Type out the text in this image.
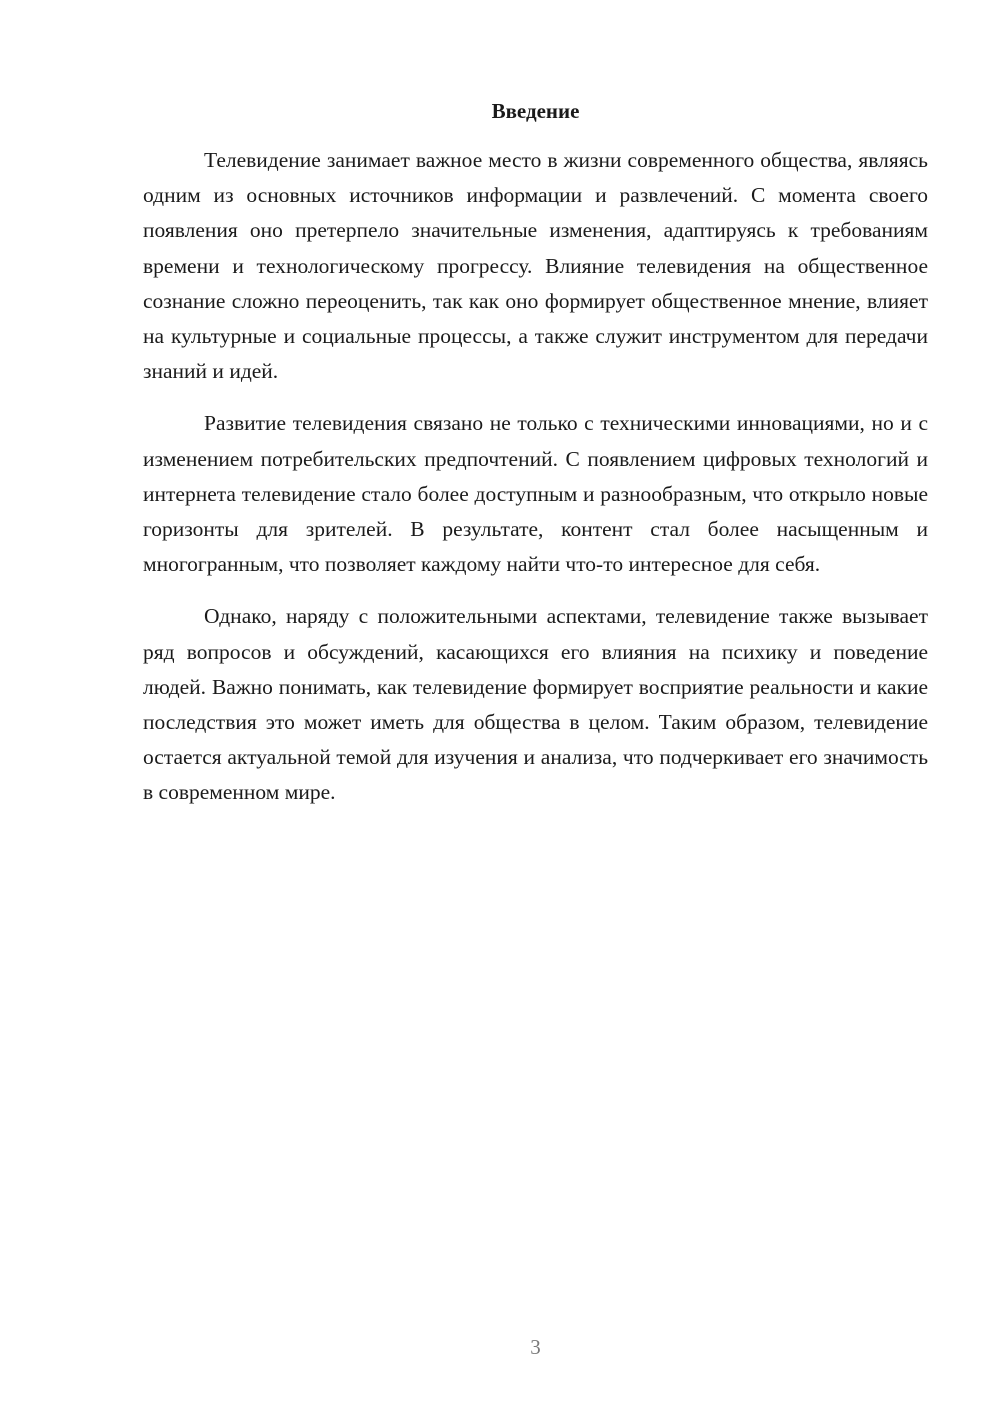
Введение

Телевидение занимает важное место в жизни современного общества, являясь одним из основных источников информации и развлечений. С момента своего появления оно претерпело значительные изменения, адаптируясь к требованиям времени и технологическому прогрессу. Влияние телевидения на общественное сознание сложно переоценить, так как оно формирует общественное мнение, влияет на культурные и социальные процессы, а также служит инструментом для передачи знаний и идей.

Развитие телевидения связано не только с техническими инновациями, но и с изменением потребительских предпочтений. С появлением цифровых технологий и интернета телевидение стало более доступным и разнообразным, что открыло новые горизонты для зрителей. В результате, контент стал более насыщенным и многогранным, что позволяет каждому найти что-то интересное для себя.

Однако, наряду с положительными аспектами, телевидение также вызывает ряд вопросов и обсуждений, касающихся его влияния на психику и поведение людей. Важно понимать, как телевидение формирует восприятие реальности и какие последствия это может иметь для общества в целом. Таким образом, телевидение остается актуальной темой для изучения и анализа, что подчеркивает его значимость в современном мире.

3
